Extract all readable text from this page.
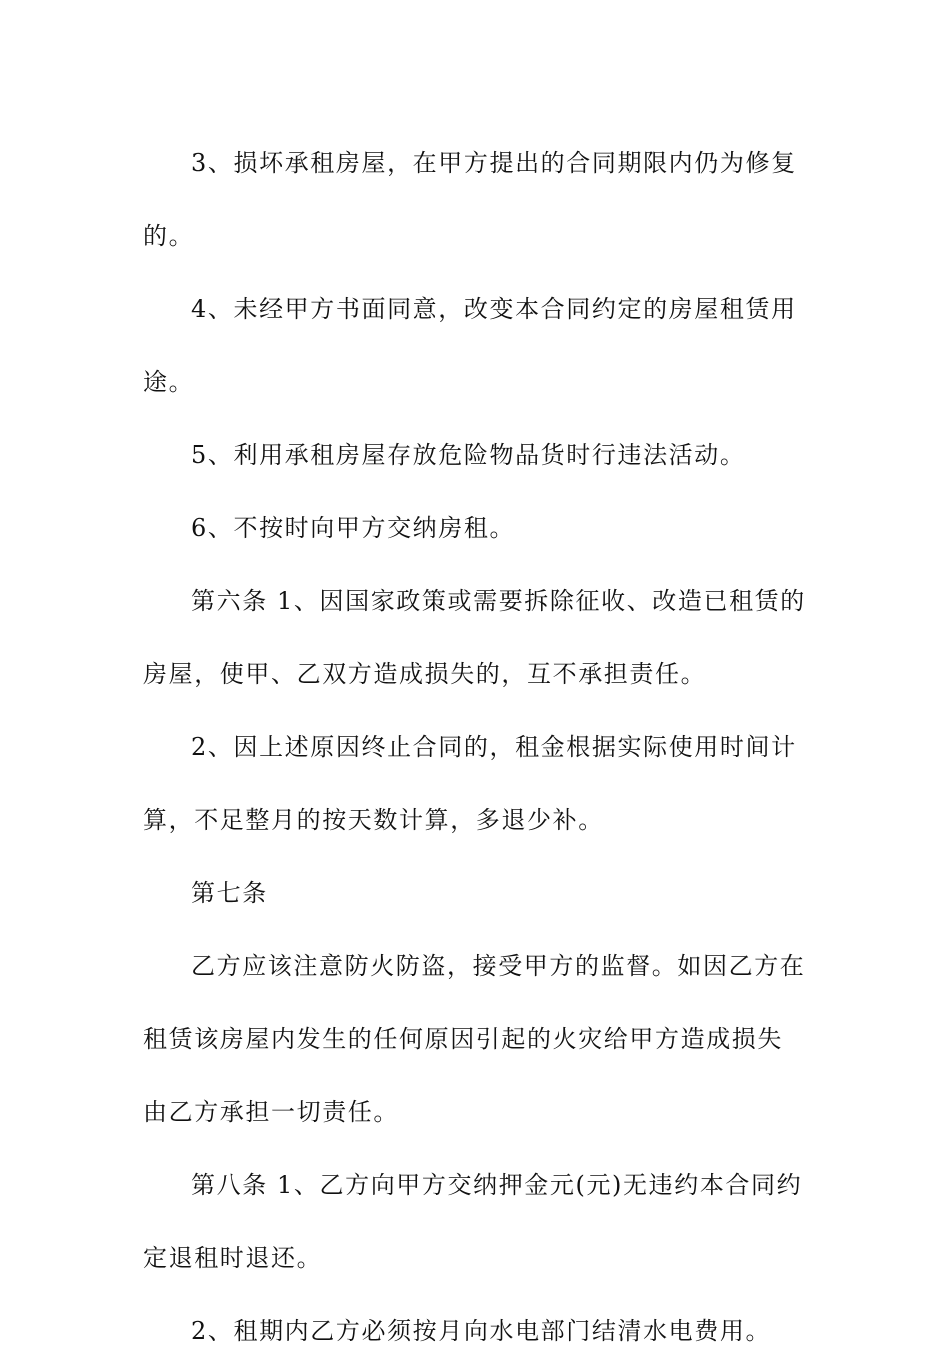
3、损坏承租房屋，在甲方提出的合同期限内仍为修复的。

4、未经甲方书面同意，改变本合同约定的房屋租赁用途。

5、利用承租房屋存放危险物品货时行违法活动。

6、不按时向甲方交纳房租。

第六条 1、因国家政策或需要拆除征收、改造已租赁的房屋，使甲、乙双方造成损失的，互不承担责任。

2、因上述原因终止合同的，租金根据实际使用时间计算，不足整月的按天数计算，多退少补。

第七条

乙方应该注意防火防盗，接受甲方的监督。如因乙方在租赁该房屋内发生的任何原因引起的火灾给甲方造成损失由乙方承担一切责任。

第八条 1、乙方向甲方交纳押金元(元)无违约本合同约定退租时退还。

2、租期内乙方必须按月向水电部门结清水电费用。
